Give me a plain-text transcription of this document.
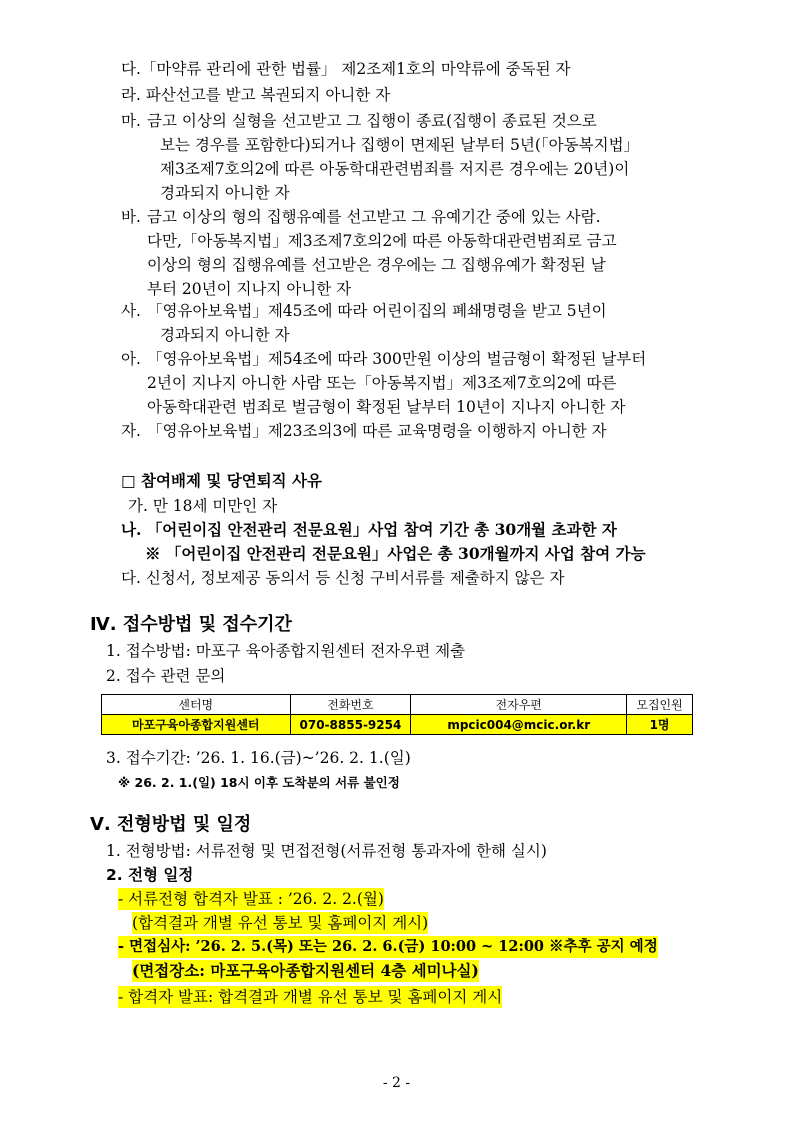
다.「마약류 관리에 관한 법률」 제2조제1호의 마약류에 중독된 자
라. 파산선고를 받고 복권되지 아니한 자
마. 금고 이상의 실형을 선고받고 그 집행이 종료(집행이 종료된 것으로
보는 경우를 포함한다)되거나 집행이 면제된 날부터 5년(「아동복지법」
제3조제7호의2에 따른 아동학대관련범죄를 저지른 경우에는 20년)이
경과되지 아니한 자
바. 금고 이상의 형의 집행유예를 선고받고 그 유예기간 중에 있는 사람.
다만,「아동복지법」제3조제7호의2에 따른 아동학대관련범죄로 금고
이상의 형의 집행유예를 선고받은 경우에는 그 집행유예가 확정된 날
부터 20년이 지나지 아니한 자
사. 「영유아보육법」제45조에 따라 어린이집의 폐쇄명령을 받고 5년이
경과되지 아니한 자
아. 「영유아보육법」제54조에 따라 300만원 이상의 벌금형이 확정된 날부터
2년이 지나지 아니한 사람 또는「아동복지법」제3조제7호의2에 따른
아동학대관련 범죄로 벌금형이 확정된 날부터 10년이 지나지 아니한 자
자. 「영유아보육법」제23조의3에 따른 교육명령을 이행하지 아니한 자
□ 참여배제 및 당연퇴직 사유
가. 만 18세 미만인 자
나. 「어린이집 안전관리 전문요원」사업 참여 기간 총 30개월 초과한 자
※ 「어린이집 안전관리 전문요원」사업은 총 30개월까지 사업 참여 가능
다. 신청서, 정보제공 동의서 등 신청 구비서류를 제출하지 않은 자
Ⅳ. 접수방법 및 접수기간
1. 접수방법: 마포구 육아종합지원센터 전자우편 제출
2. 접수 관련 문의
센터명	전화번호	전자우편	모집인원
마포구육아종합지원센터	070-8855-9254	mpcic004@mcic.or.kr	1명
3. 접수기간: ’26. 1. 16.(금)~’26. 2. 1.(일)
※ 26. 2. 1.(일) 18시 이후 도착분의 서류 불인정
Ⅴ. 전형방법 및 일정
1. 전형방법: 서류전형 및 면접전형(서류전형 통과자에 한해 실시)
2. 전형 일정
- 서류전형 합격자 발표 : ’26. 2. 2.(월)
(합격결과 개별 유선 통보 및 홈페이지 게시)
- 면접심사: ’26. 2. 5.(목) 또는 26. 2. 6.(금) 10:00 ~ 12:00 ※추후 공지 예정
(면접장소: 마포구육아종합지원센터 4층 세미나실)
- 합격자 발표: 합격결과 개별 유선 통보 및 홈페이지 게시
- 2 -
